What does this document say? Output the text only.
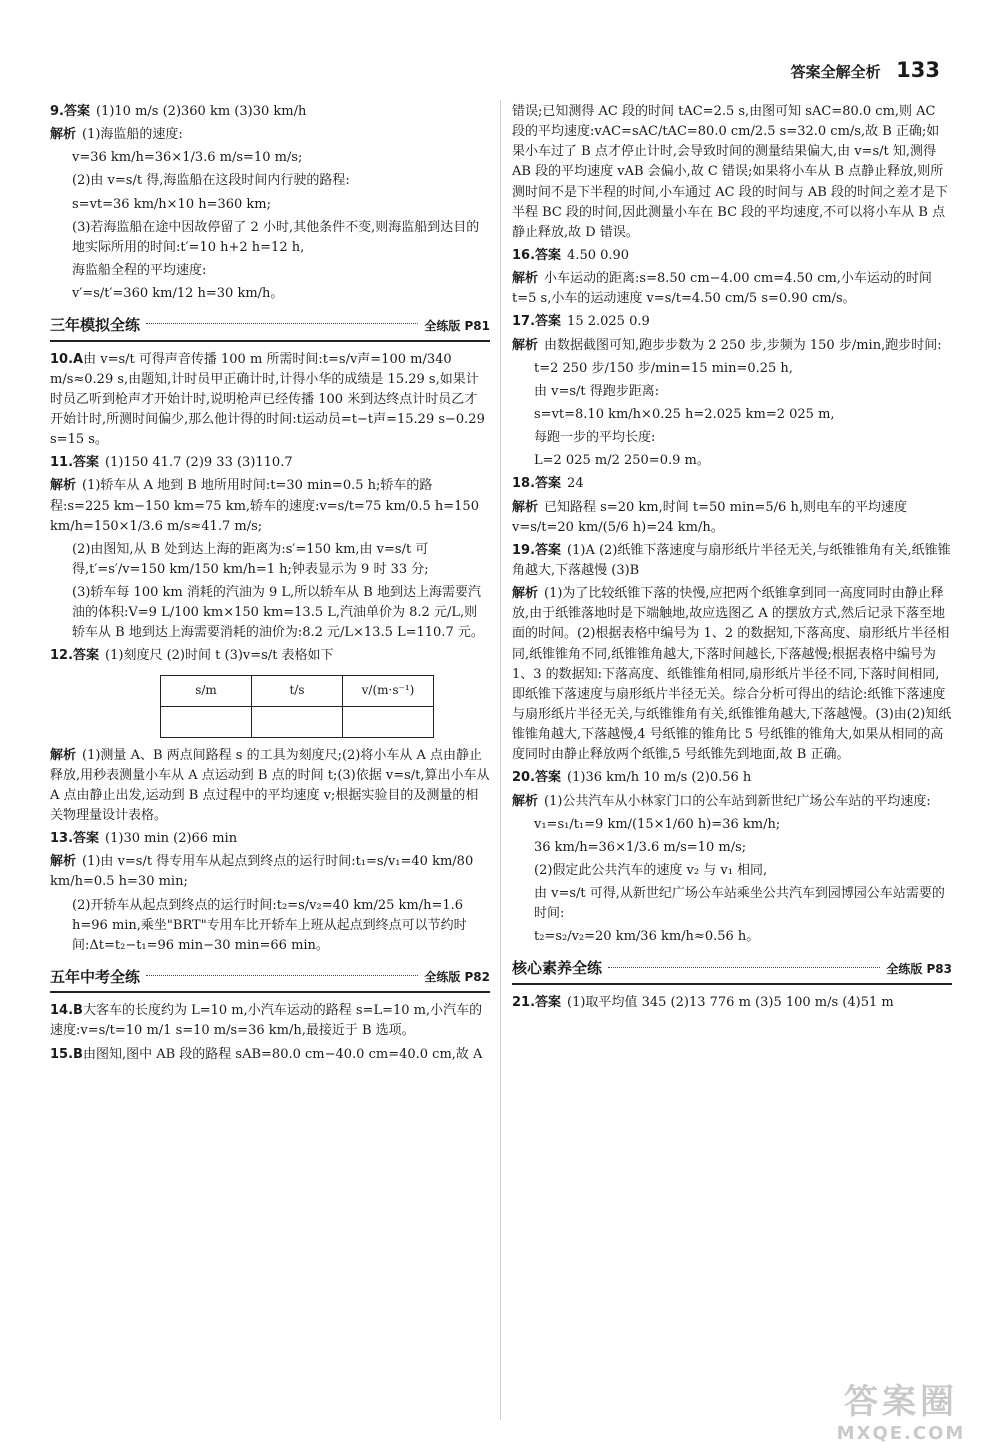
答案全解全析 133
9.答案 (1)10 m/s (2)360 km (3)30 km/h
解析 (1)海监船的速度:
v=36 km/h=36×1/3.6 m/s=10 m/s;
(2)由 v=s/t 得,海监船在这段时间内行驶的路程:
s=vt=36 km/h×10 h=360 km;
(3)若海监船在途中因故停留了 2 小时,其他条件不变,则海监船到达目的地实际所用的时间:t′=10 h+2 h=12 h,
海监船全程的平均速度:
v′=s/t′=360 km/12 h=30 km/h。
三年模拟全练	全练版 P81
10.A由 v=s/t 可得声音传播 100 m 所需时间:t=s/v声=100 m/340 m/s≈0.29 s,由题知,计时员甲正确计时,计得小华的成绩是 15.29 s,如果计时员乙听到枪声才开始计时,说明枪声已经传播 100 米到达终点计时员乙才开始计时,所测时间偏少,那么他计得的时间:t运动员=t−t声=15.29 s−0.29 s=15 s。
11.答案 (1)150 41.7 (2)9 33 (3)110.7
解析 (1)轿车从 A 地到 B 地所用时间:t=30 min=0.5 h;轿车的路程:s=225 km−150 km=75 km,轿车的速度:v=s/t=75 km/0.5 h=150 km/h=150×1/3.6 m/s≈41.7 m/s;
(2)由图知,从 B 处到达上海的距离为:s′=150 km,由 v=s/t 可得,t′=s′/v=150 km/150 km/h=1 h;钟表显示为 9 时 33 分;
(3)轿车每 100 km 消耗的汽油为 9 L,所以轿车从 B 地到达上海需要汽油的体积:V=9 L/100 km×150 km=13.5 L,汽油单价为 8.2 元/L,则轿车从 B 地到达上海需要消耗的油价为:8.2 元/L×13.5 L=110.7 元。
12.答案 (1)刻度尺 (2)时间 t (3)v=s/t 表格如下
s/m	t/s	v/(m·s⁻¹)

解析 (1)测量 A、B 两点间路程 s 的工具为刻度尺;(2)将小车从 A 点由静止释放,用秒表测量小车从 A 点运动到 B 点的时间 t;(3)依据 v=s/t,算出小车从 A 点由静止出发,运动到 B 点过程中的平均速度 v;根据实验目的及测量的相关物理量设计表格。
13.答案 (1)30 min (2)66 min
解析 (1)由 v=s/t 得专用车从起点到终点的运行时间:t₁=s/v₁=40 km/80 km/h=0.5 h=30 min;
(2)开轿车从起点到终点的运行时间:t₂=s/v₂=40 km/25 km/h=1.6 h=96 min,乘坐"BRT"专用车比开轿车上班从起点到终点可以节约时间:Δt=t₂−t₁=96 min−30 min=66 min。
五年中考全练	全练版 P82
14.B大客车的长度约为 L=10 m,小汽车运动的路程 s=L=10 m,小汽车的速度:v=s/t=10 m/1 s=10 m/s=36 km/h,最接近于 B 选项。
15.B由图知,图中 AB 段的路程 sAB=80.0 cm−40.0 cm=40.0 cm,故 A
错误;已知测得 AC 段的时间 tAC=2.5 s,由图可知 sAC=80.0 cm,则 AC 段的平均速度:vAC=sAC/tAC=80.0 cm/2.5 s=32.0 cm/s,故 B 正确;如果小车过了 B 点才停止计时,会导致时间的测量结果偏大,由 v=s/t 知,测得 AB 段的平均速度 vAB 会偏小,故 C 错误;如果将小车从 B 点静止释放,则所测时间不是下半程的时间,小车通过 AC 段的时间与 AB 段的时间之差才是下半程 BC 段的时间,因此测量小车在 BC 段的平均速度,不可以将小车从 B 点静止释放,故 D 错误。
16.答案 4.50 0.90
解析 小车运动的距离:s=8.50 cm−4.00 cm=4.50 cm,小车运动的时间 t=5 s,小车的运动速度 v=s/t=4.50 cm/5 s=0.90 cm/s。
17.答案 15 2.025 0.9
解析 由数据截图可知,跑步步数为 2 250 步,步频为 150 步/min,跑步时间:
t=2 250 步/150 步/min=15 min=0.25 h,
由 v=s/t 得跑步距离:
s=vt=8.10 km/h×0.25 h=2.025 km=2 025 m,
每跑一步的平均长度:
L=2 025 m/2 250=0.9 m。
18.答案 24
解析 已知路程 s=20 km,时间 t=50 min=5/6 h,则电车的平均速度 v=s/t=20 km/(5/6 h)=24 km/h。
19.答案 (1)A (2)纸锥下落速度与扇形纸片半径无关,与纸锥锥角有关,纸锥锥角越大,下落越慢 (3)B
解析 (1)为了比较纸锥下落的快慢,应把两个纸锥拿到同一高度同时由静止释放,由于纸锥落地时是下端触地,故应选图乙 A 的摆放方式,然后记录下落至地面的时间。(2)根据表格中编号为 1、2 的数据知,下落高度、扇形纸片半径相同,纸锥锥角不同,纸锥锥角越大,下落时间越长,下落越慢;根据表格中编号为 1、3 的数据知:下落高度、纸锥锥角相同,扇形纸片半径不同,下落时间相同,即纸锥下落速度与扇形纸片半径无关。综合分析可得出的结论:纸锥下落速度与扇形纸片半径无关,与纸锥锥角有关,纸锥锥角越大,下落越慢。(3)由(2)知纸锥锥角越大,下落越慢,4 号纸锥的锥角比 5 号纸锥的锥角大,如果从相同的高度同时由静止释放两个纸锥,5 号纸锥先到地面,故 B 正确。
20.答案 (1)36 km/h 10 m/s (2)0.56 h
解析 (1)公共汽车从小林家门口的公车站到新世纪广场公车站的平均速度:
v₁=s₁/t₁=9 km/(15×1/60 h)=36 km/h;
36 km/h=36×1/3.6 m/s=10 m/s;
(2)假定此公共汽车的速度 v₂ 与 v₁ 相同,
由 v=s/t 可得,从新世纪广场公车站乘坐公共汽车到园博园公车站需要的时间:
t₂=s₂/v₂=20 km/36 km/h≈0.56 h。
核心素养全练	全练版 P83
21.答案 (1)取平均值 345 (2)13 776 m (3)5 100 m/s (4)51 m
答案圈
MXQE.COM
